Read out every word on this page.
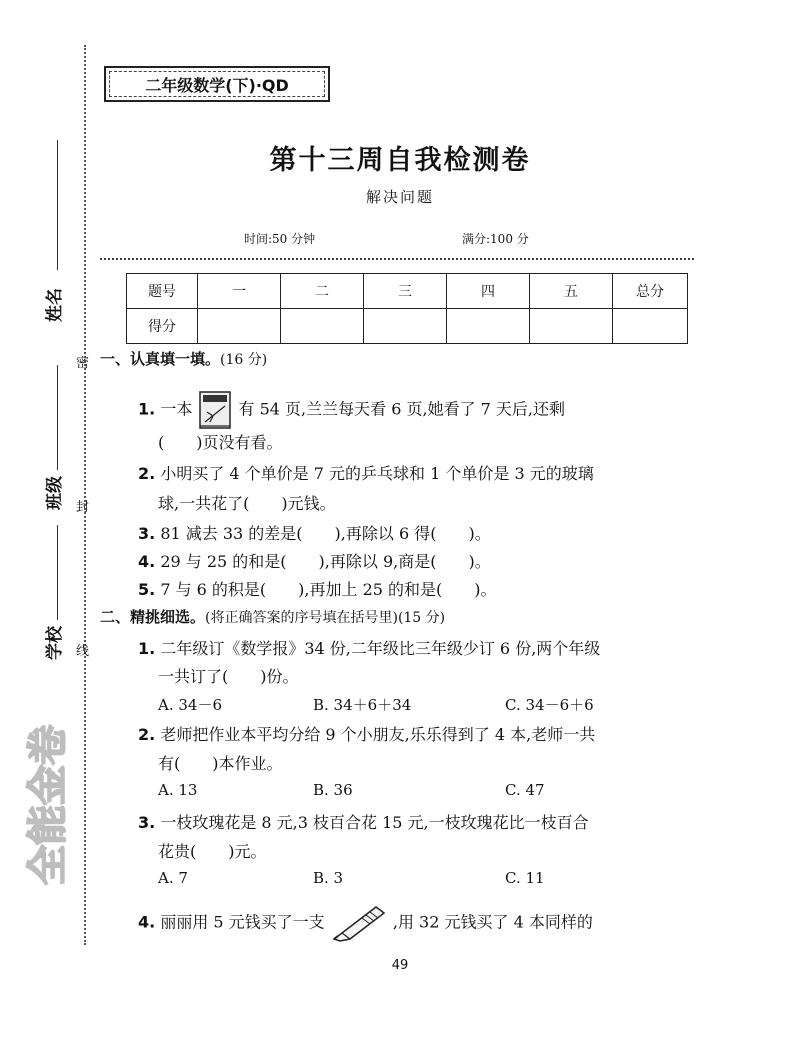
姓名
班级
学校
密
封
线
全能金卷
二年级数学(下)·QD
第十三周自我检测卷
解决问题
时间:50 分钟	满分:100 分
题号	一	二	三	四	五	总分
得分						
一、认真填一填。(16 分)
1. 一本	有 54 页,兰兰每天看 6 页,她看了 7 天后,还剩
(　　)页没有看。
2. 小明买了 4 个单价是 7 元的乒乓球和 1 个单价是 3 元的玻璃
球,一共花了(　　)元钱。
3. 81 减去 33 的差是(　　),再除以 6 得(　　)。
4. 29 与 25 的和是(　　),再除以 9,商是(　　)。
5. 7 与 6 的积是(　　),再加上 25 的和是(　　)。
二、精挑细选。(将正确答案的序号填在括号里)(15 分)
1. 二年级订《数学报》34 份,二年级比三年级少订 6 份,两个年级
一共订了(　　)份。
A. 34－6	B. 34＋6＋34	C. 34－6＋6
2. 老师把作业本平均分给 9 个小朋友,乐乐得到了 4 本,老师一共
有(　　)本作业。
A. 13	B. 36	C. 47
3. 一枝玫瑰花是 8 元,3 枝百合花 15 元,一枝玫瑰花比一枝百合
花贵(　　)元。
A. 7	B. 3	C. 11
4. 丽丽用 5 元钱买了一支	,用 32 元钱买了 4 本同样的
49
